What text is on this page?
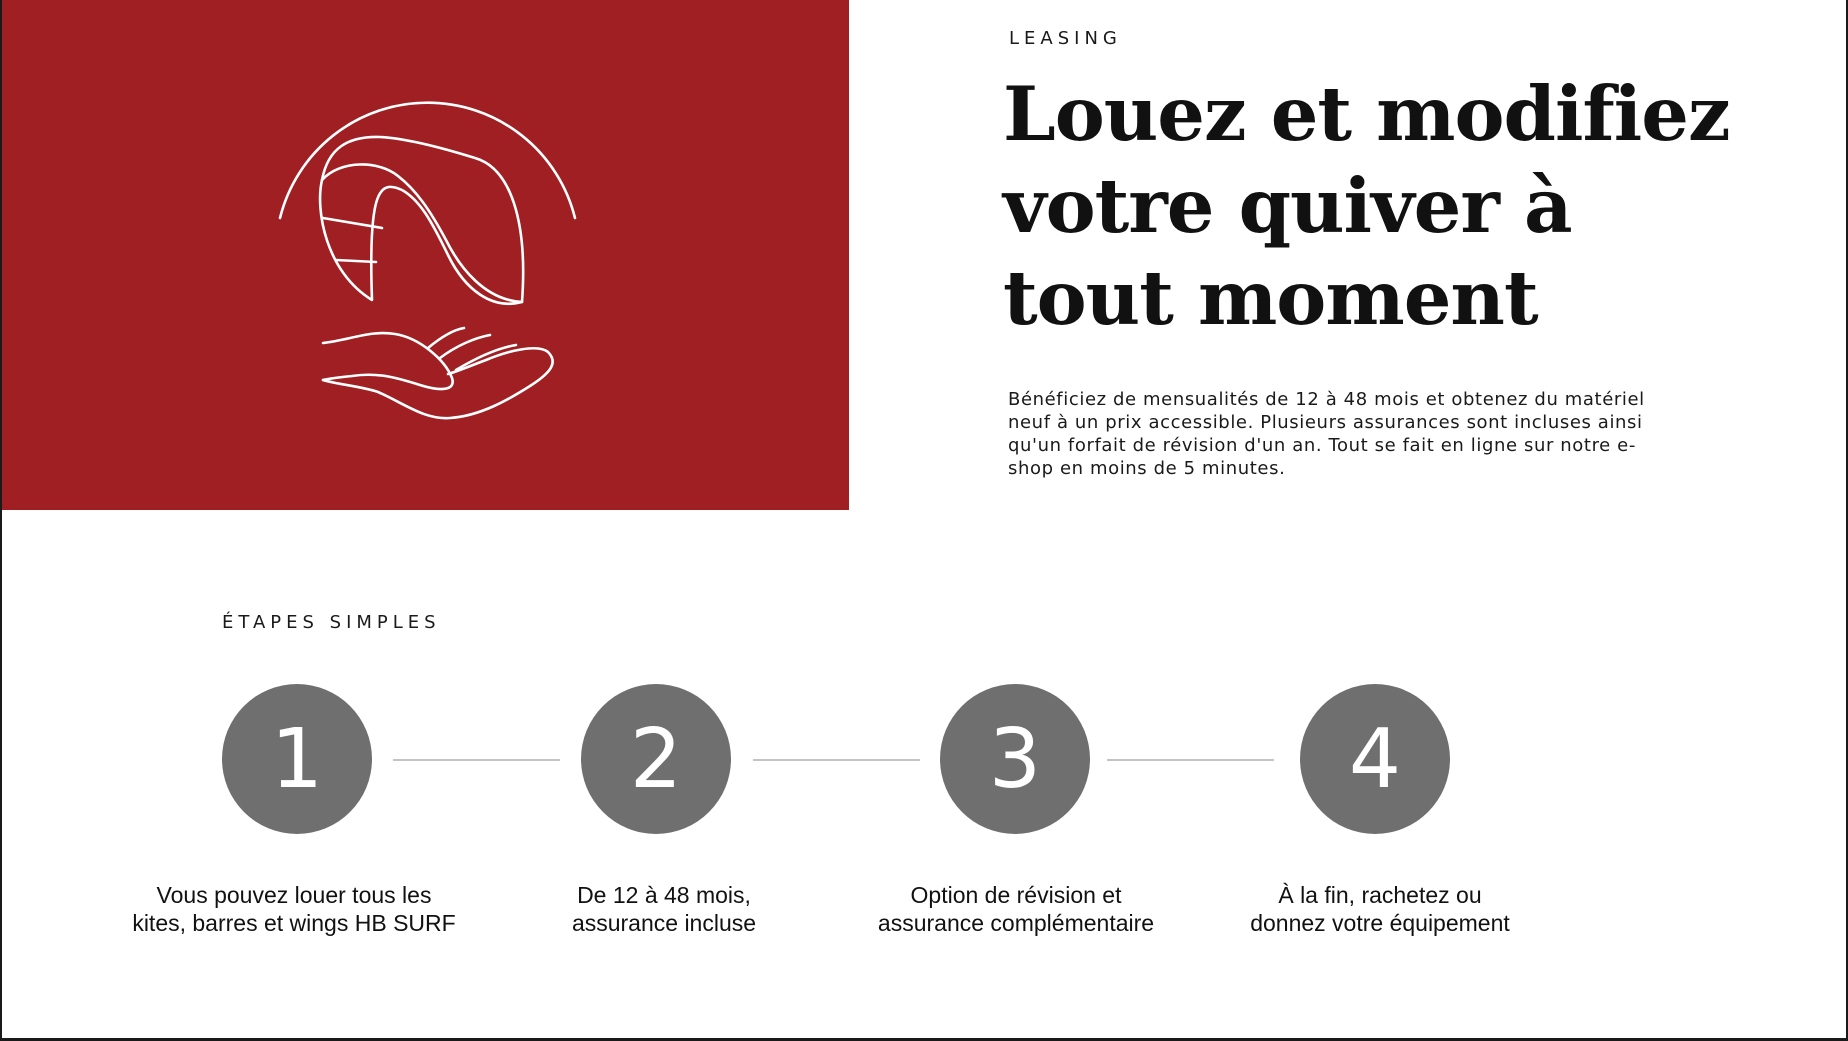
LEASING
Louez et modifiez votre quiver à tout moment

Bénéficiez de mensualités de 12 à 48 mois et obtenez du matériel neuf à un prix accessible. Plusieurs assurances sont incluses ainsi qu'un forfait de révision d'un an. Tout se fait en ligne sur notre e-shop en moins de 5 minutes.

ÉTAPES SIMPLES
1	2	3	4
Vous pouvez louer tous les
kites, barres et wings HB SURF
De 12 à 48 mois,
assurance incluse
Option de révision et
assurance complémentaire
À la fin, rachetez ou
donnez votre équipement
